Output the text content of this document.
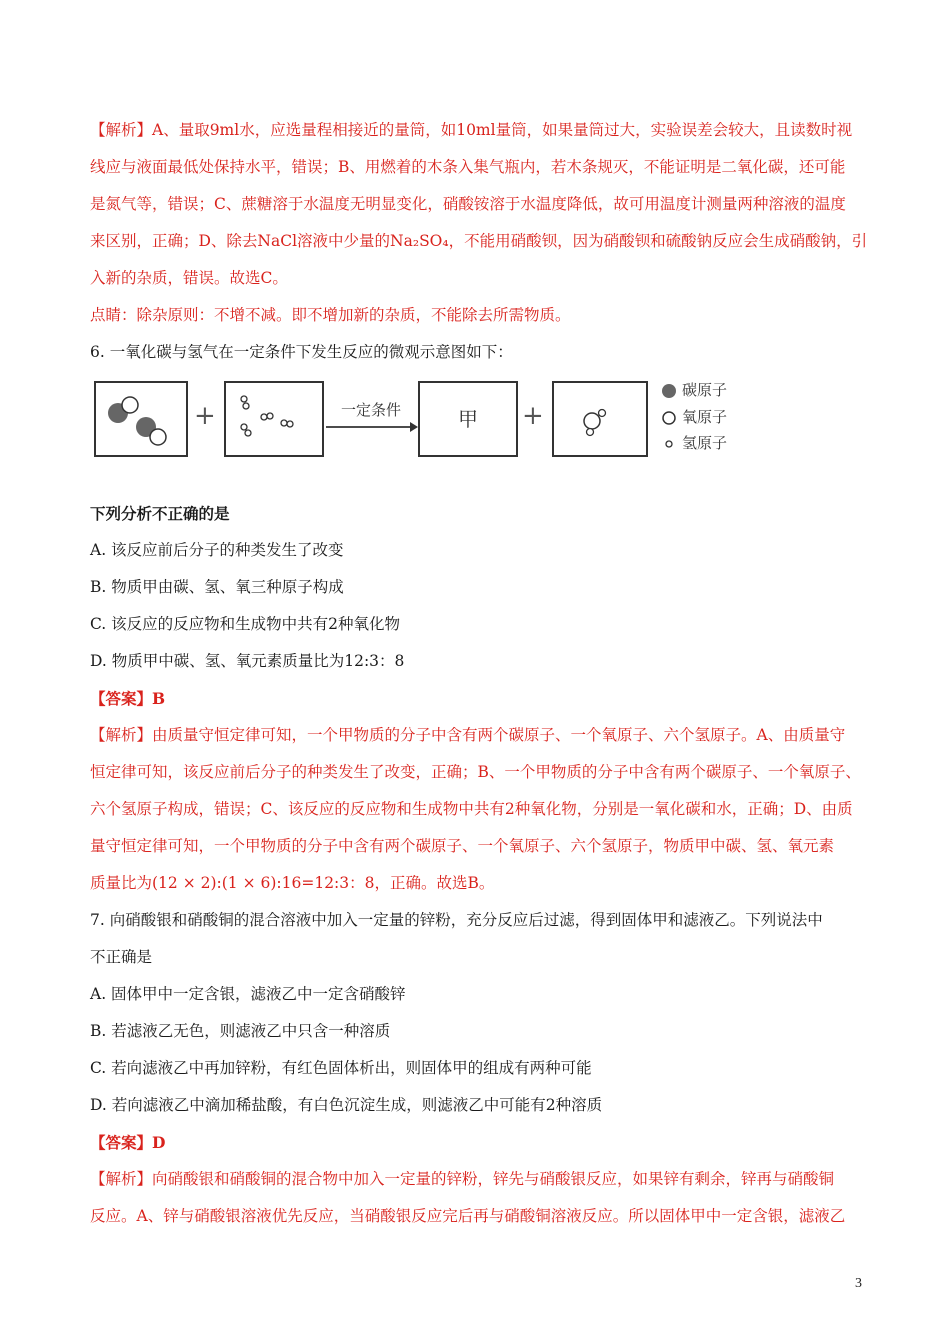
【解析】A、量取9ml水，应选量程相接近的量筒，如10ml量筒，如果量筒过大，实验误差会较大，且读数时视
线应与液面最低处保持水平，错误；B、用燃着的木条入集气瓶内，若木条规灭，不能证明是二氧化碳，还可能
是氮气等，错误；C、蔗糖溶于水温度无明显变化，硝酸铵溶于水温度降低，故可用温度计测量两种溶液的温度
来区别，正确；D、除去NaCl溶液中少量的Na₂SO₄，不能用硝酸钡，因为硝酸钡和硫酸钠反应会生成硝酸钠，引
入新的杂质，错误。故选C。
点睛：除杂原则：不增不减。即不增加新的杂质，不能除去所需物质。
6. 一氧化碳与氢气在一定条件下发生反应的微观示意图如下：
+	一定条件	甲	+
碳原子
氧原子
氢原子
下列分析不正确的是
A. 该反应前后分子的种类发生了改变
B. 物质甲由碳、氢、氧三种原子构成
C. 该反应的反应物和生成物中共有2种氧化物
D. 物质甲中碳、氢、氧元素质量比为12:3：8
【答案】B
【解析】由质量守恒定律可知，一个甲物质的分子中含有两个碳原子、一个氧原子、六个氢原子。A、由质量守
恒定律可知，该反应前后分子的种类发生了改变，正确；B、一个甲物质的分子中含有两个碳原子、一个氧原子、
六个氢原子构成，错误；C、该反应的反应物和生成物中共有2种氧化物，分别是一氧化碳和水，正确；D、由质
量守恒定律可知，一个甲物质的分子中含有两个碳原子、一个氧原子、六个氢原子，物质甲中碳、氢、氧元素
质量比为(12 × 2):(1 × 6):16=12:3：8，正确。故选B。
7. 向硝酸银和硝酸铜的混合溶液中加入一定量的锌粉，充分反应后过滤，得到固体甲和滤液乙。下列说法中
不正确是
A. 固体甲中一定含银，滤液乙中一定含硝酸锌
B. 若滤液乙无色，则滤液乙中只含一种溶质
C. 若向滤液乙中再加锌粉，有红色固体析出，则固体甲的组成有两种可能
D. 若向滤液乙中滴加稀盐酸，有白色沉淀生成，则滤液乙中可能有2种溶质
【答案】D
【解析】向硝酸银和硝酸铜的混合物中加入一定量的锌粉，锌先与硝酸银反应，如果锌有剩余，锌再与硝酸铜
反应。A、锌与硝酸银溶液优先反应，当硝酸银反应完后再与硝酸铜溶液反应。所以固体甲中一定含银，滤液乙
3
